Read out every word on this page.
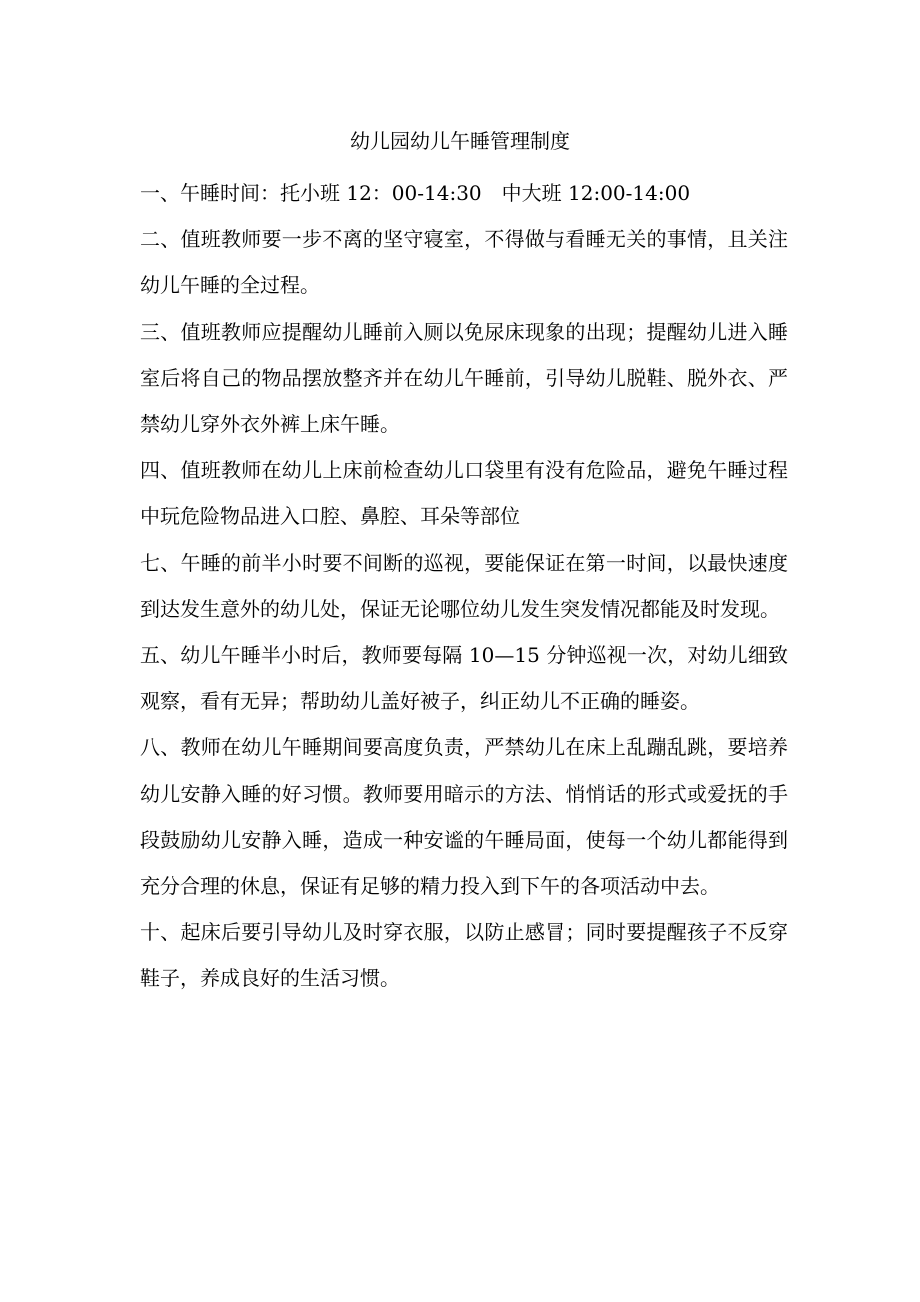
幼儿园幼儿午睡管理制度

一、午睡时间：托小班 12：00-14:30　中大班 12:00-14:00

二、值班教师要一步不离的坚守寝室，不得做与看睡无关的事情，且关注幼儿午睡的全过程。

三、值班教师应提醒幼儿睡前入厕以免尿床现象的出现；提醒幼儿进入睡室后将自己的物品摆放整齐并在幼儿午睡前，引导幼儿脱鞋、脱外衣、严禁幼儿穿外衣外裤上床午睡。

四、值班教师在幼儿上床前检查幼儿口袋里有没有危险品，避免午睡过程中玩危险物品进入口腔、鼻腔、耳朵等部位

七、午睡的前半小时要不间断的巡视，要能保证在第一时间，以最快速度到达发生意外的幼儿处，保证无论哪位幼儿发生突发情况都能及时发现。

五、幼儿午睡半小时后，教师要每隔 10—15 分钟巡视一次，对幼儿细致观察，看有无异；帮助幼儿盖好被子，纠正幼儿不正确的睡姿。

八、教师在幼儿午睡期间要高度负责，严禁幼儿在床上乱蹦乱跳，要培养幼儿安静入睡的好习惯。教师要用暗示的方法、悄悄话的形式或爱抚的手段鼓励幼儿安静入睡，造成一种安谧的午睡局面，使每一个幼儿都能得到充分合理的休息，保证有足够的精力投入到下午的各项活动中去。

十、起床后要引导幼儿及时穿衣服，以防止感冒；同时要提醒孩子不反穿鞋子，养成良好的生活习惯。
